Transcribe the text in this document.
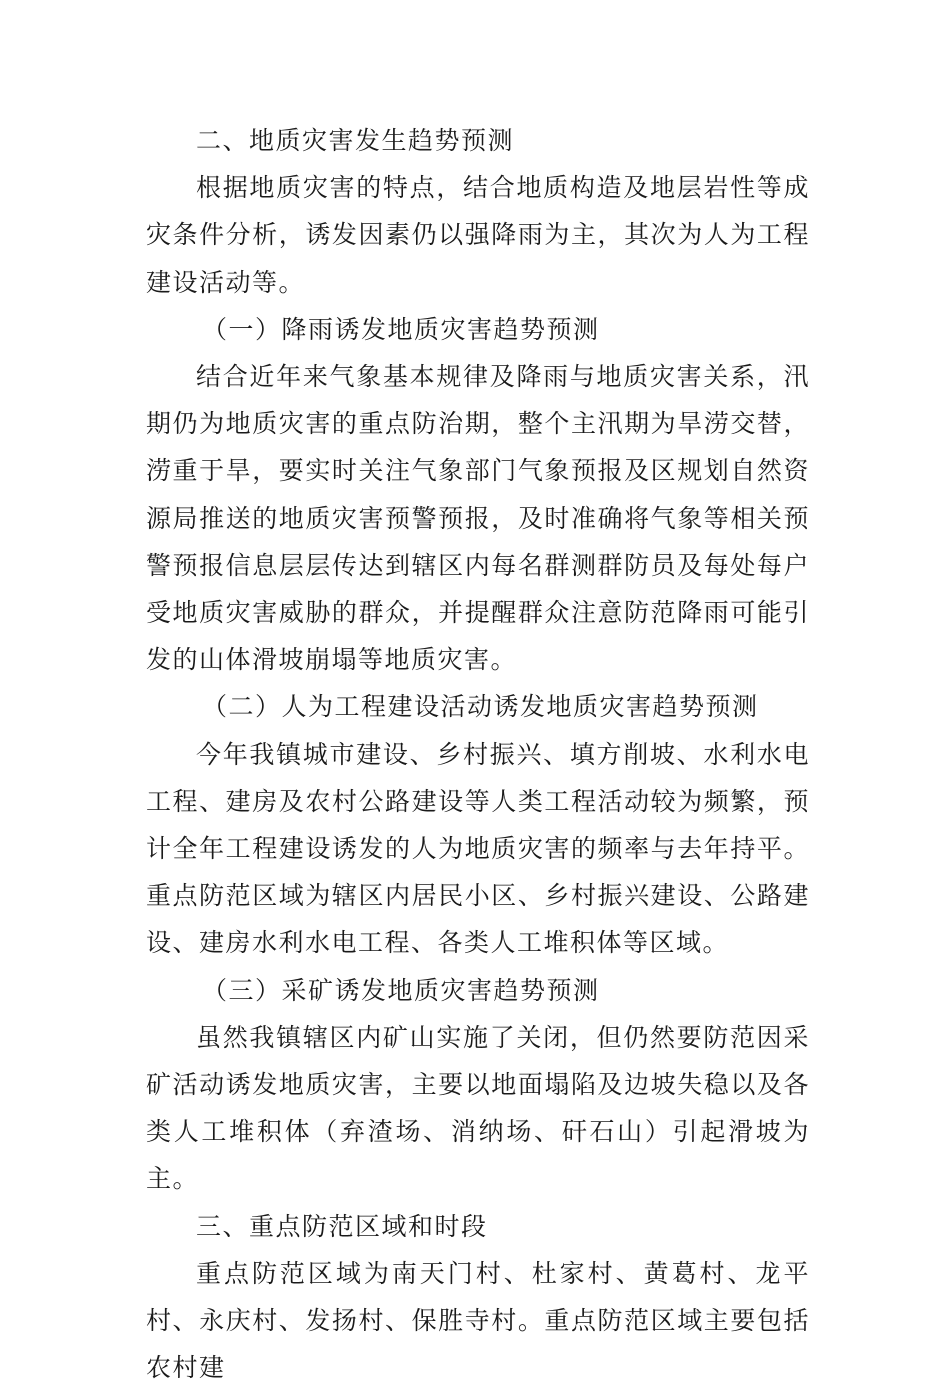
二、地质灾害发生趋势预测

根据地质灾害的特点，结合地质构造及地层岩性等成灾条件分析，诱发因素仍以强降雨为主，其次为人为工程建设活动等。

（一）降雨诱发地质灾害趋势预测

结合近年来气象基本规律及降雨与地质灾害关系，汛期仍为地质灾害的重点防治期，整个主汛期为旱涝交替，涝重于旱，要实时关注气象部门气象预报及区规划自然资源局推送的地质灾害预警预报，及时准确将气象等相关预警预报信息层层传达到辖区内每名群测群防员及每处每户受地质灾害威胁的群众，并提醒群众注意防范降雨可能引发的山体滑坡崩塌等地质灾害。

（二）人为工程建设活动诱发地质灾害趋势预测

今年我镇城市建设、乡村振兴、填方削坡、水利水电工程、建房及农村公路建设等人类工程活动较为频繁，预计全年工程建设诱发的人为地质灾害的频率与去年持平。重点防范区域为辖区内居民小区、乡村振兴建设、公路建设、建房水利水电工程、各类人工堆积体等区域。

（三）采矿诱发地质灾害趋势预测

虽然我镇辖区内矿山实施了关闭，但仍然要防范因采矿活动诱发地质灾害，主要以地面塌陷及边坡失稳以及各类人工堆积体（弃渣场、消纳场、矸石山）引起滑坡为主。

三、重点防范区域和时段

重点防范区域为南天门村、杜家村、黄葛村、龙平村、永庆村、发扬村、保胜寺村。重点防范区域主要包括农村建
